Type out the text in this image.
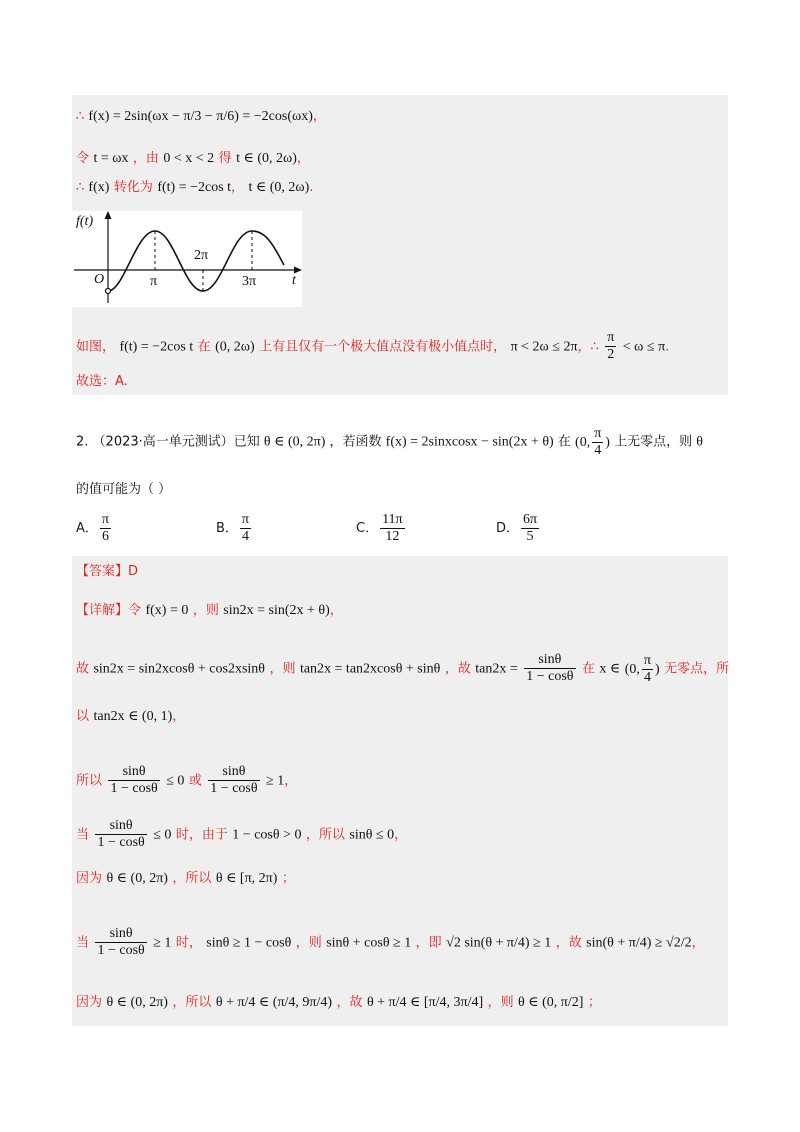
∴ f(x) = 2sin(ωx − π/3 − π/6) = −2cos(ωx)，
令 t = ωx ，由 0 < x < 2 得 t ∈ (0, 2ω)，
∴ f(x) 转化为 f(t) = −2cos t， t ∈ (0, 2ω).
f(t)
O	π
2π
3π	t
如图， f(t) = −2cos t 在 (0, 2ω) 上有且仅有一个极大值点没有极小值点时， π < 2ω ≤ 2π，∴ $\frac{\pi}{2} < \omega \le \pi$.
故选：A.
2. （2023·高一单元测试）已知 θ ∈ (0, 2π) ，若函数 f(x) = 2sinxcosx − sin(2x + θ) 在 (0, $\frac{\pi}{4}$ ) 上无零点，则 θ
的值可能为（ ）
A． $\frac{\pi}{6}$	B． $\frac{\pi}{4}$	C． $\frac{11\pi}{12}$	D． $\frac{6\pi}{5}$
【答案】D
【详解】令 f(x) = 0 ，则 sin2x = sin(2x + θ)，
故 sin2x = sin2xcosθ + cos2xsinθ ，则 tan2x = tan2xcosθ + sinθ ，故 $\tan 2x = \frac{\sin\theta}{1 - \cos\theta}$ 在 x ∈ (0, $\frac{\pi}{4}$ ) 无零点，所
以 tan2x ∈ (0, 1)，
所以 $\frac{\sin\theta}{1 - \cos\theta} \le 0$ 或 $\frac{\sin\theta}{1 - \cos\theta} \ge 1$，
当 $\frac{\sin\theta}{1 - \cos\theta} \le 0$ 时，由于 1 − cosθ > 0 ，所以 sinθ ≤ 0，
因为 θ ∈ (0, 2π) ，所以 θ ∈ [π, 2π) ；
当 $\frac{\sin\theta}{1 - \cos\theta} \ge 1$ 时， sinθ ≥ 1 − cosθ ，则 sinθ + cosθ ≥ 1 ，即 √2 sin(θ + π/4) ≥ 1 ，故 sin(θ + π/4) ≥ √2/2，
因为 θ ∈ (0, 2π) ，所以 θ + π/4 ∈ (π/4, 9π/4) ，故 θ + π/4 ∈ [π/4, 3π/4] ，则 θ ∈ (0, π/2] ；
